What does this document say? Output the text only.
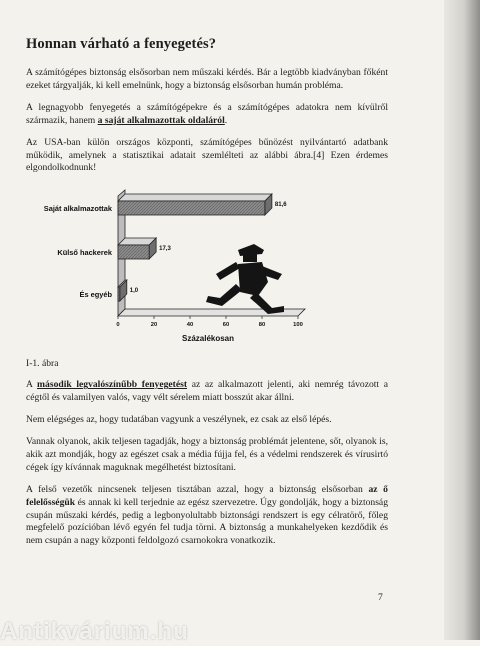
Honnan várható a fenyegetés?

A számítógépes biztonság elsősorban nem műszaki kérdés. Bár a legtöbb kiadványban főként ezeket tárgyalják, ki kell emelnünk, hogy a biztonság elsősorban humán probléma.

A legnagyobb fenyegetés a számítógépekre és a számítógépes adatokra nem kívülről származik, hanem a saját alkalmazottak oldaláról.

Az USA-ban külön országos központi, számítógépes bűnözést nyilvántartó adatbank működik, amelynek a statisztikai adatait szemlélteti az alábbi ábra.[4] Ezen érdemes elgondolkodnunk!

81,6
Saját alkalmazottak
17,3
Külső hackerek
1,0
És egyéb
0	20	40	60	80	100
Százalékosan

I-1. ábra

A második legvalószínűbb fenyegetést az az alkalmazott jelenti, aki nemrég távozott a cégtől és valamilyen valós, vagy vélt sérelem miatt bosszút akar állni.

Nem elégséges az, hogy tudatában vagyunk a veszélynek, ez csak az első lépés.

Vannak olyanok, akik teljesen tagadják, hogy a biztonság problémát jelentene, sőt, olyanok is, akik azt mondják, hogy az egészet csak a média fújja fel, és a védelmi rendszerek és vírusirtó cégek így kívánnak maguknak megélhetést biztosítani.

A felső vezetők nincsenek teljesen tisztában azzal, hogy a biztonság elsősorban az ő felelősségük és annak ki kell terjednie az egész szervezetre. Úgy gondolják, hogy a biztonság csupán műszaki kérdés, pedig a legbonyolultabb biztonsági rendszert is egy célratörő, főleg megfelelő pozícióban lévő egyén fel tudja törni. A biztonság a munkahelyeken kezdődik és nem csupán a nagy központi feldolgozó csarnokokra vonatkozik.

7
Antikvárium.hu
